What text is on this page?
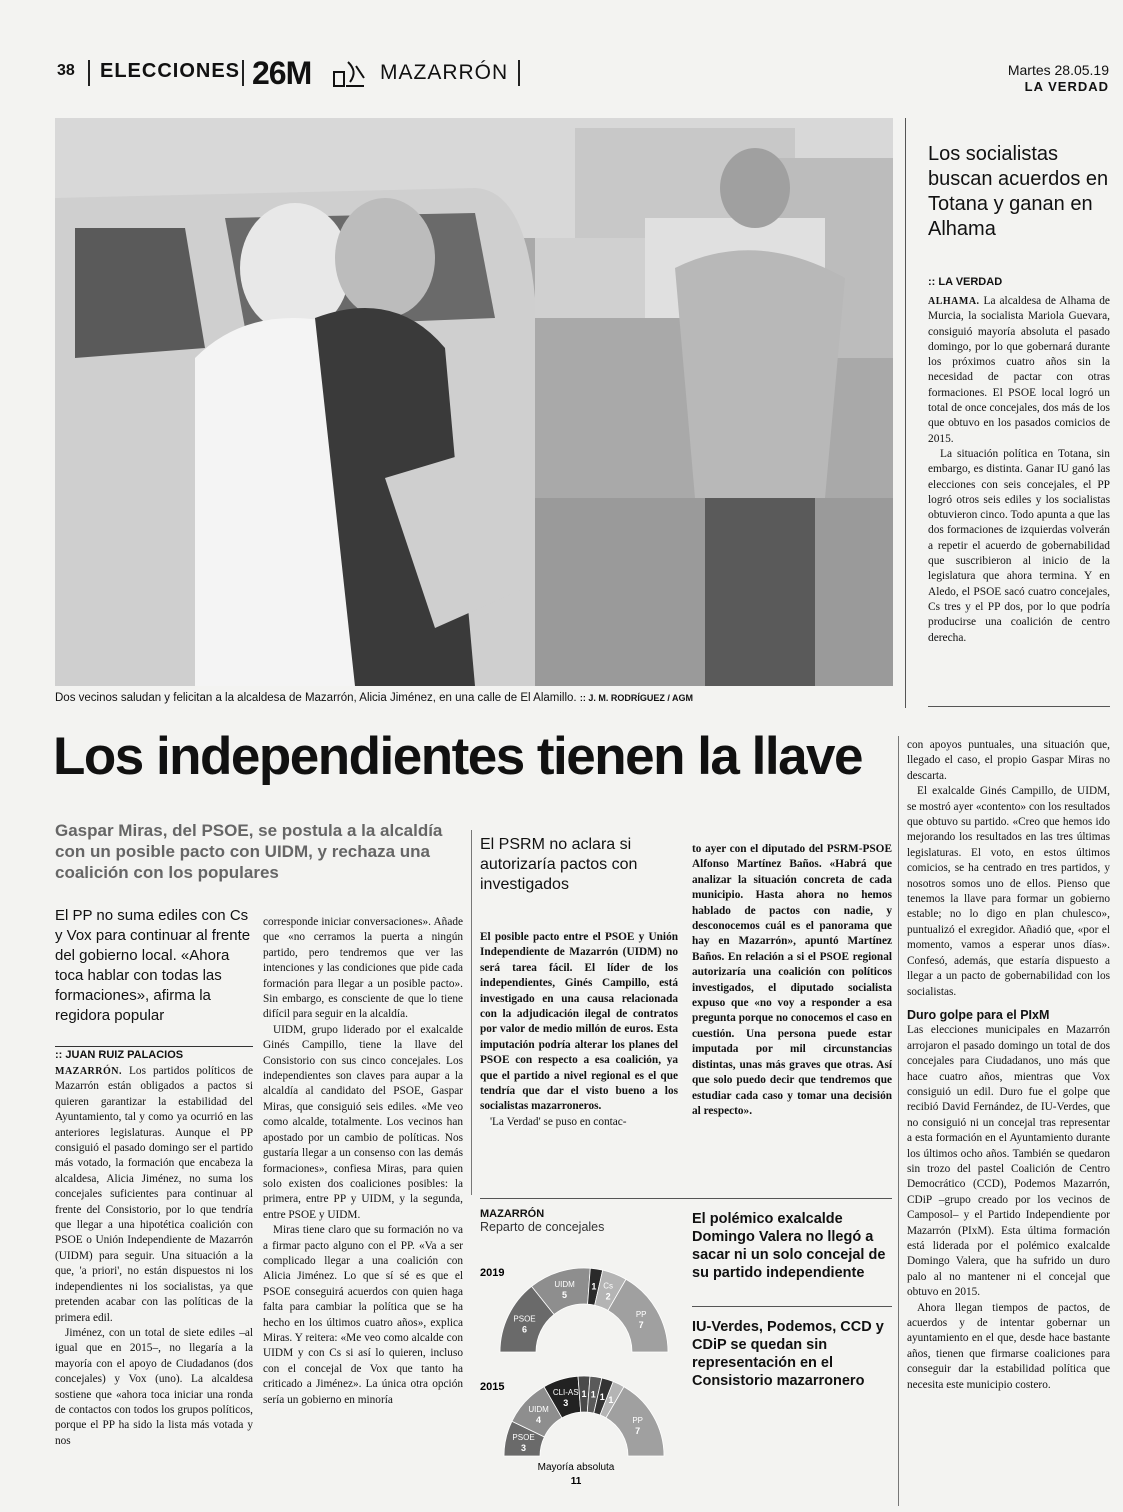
38 ELECCIONES 26M	MAZARRÓN	Martes 28.05.19
LA VERDAD
Dos vecinos saludan y felicitan a la alcaldesa de Mazarrón, Alicia Jiménez, en una calle de El Alamillo. :: J. M. RODRÍGUEZ / AGM
Los socialistas buscan acuerdos en Totana y ganan en Alhama
:: LA VERDAD

ALHAMA. La alcaldesa de Alhama de Murcia, la socialista Mariola Guevara, consiguió mayoría absoluta el pasado domingo, por lo que gobernará durante los próximos cuatro años sin la necesidad de pactar con otras formaciones. El PSOE local logró un total de once concejales, dos más de los que obtuvo en los pasados comicios de 2015.

La situación política en Totana, sin embargo, es distinta. Ganar IU ganó las elecciones con seis concejales, el PP logró otros seis ediles y los socialistas obtuvieron cinco. Todo apunta a que las dos formaciones de izquierdas volverán a repetir el acuerdo de gobernabilidad que suscribieron al inicio de la legislatura que ahora termina. Y en Aledo, el PSOE sacó cuatro concejales, Cs tres y el PP dos, por lo que podría producirse una coalición de centro derecha.

Los independientes tienen la llave
Gaspar Miras, del PSOE, se postula a la alcaldía con un posible pacto con UIDM, y rechaza una coalición con los populares
El PP no suma ediles con Cs y Vox para continuar al frente del gobierno local. «Ahora toca hablar con todas las formaciones», afirma la regidora popular
:: JUAN RUIZ PALACIOS

MAZARRÓN. Los partidos políticos de Mazarrón están obligados a pactos si quieren garantizar la estabilidad del Ayuntamiento, tal y como ya ocurrió en las anteriores legislaturas. Aunque el PP consiguió el pasado domingo ser el partido más votado, la formación que encabeza la alcaldesa, Alicia Jiménez, no suma los concejales suficientes para continuar al frente del Consistorio, por lo que tendría que llegar a una hipotética coalición con PSOE o Unión Independiente de Mazarrón (UIDM) para seguir. Una situación a la que, 'a priori', no están dispuestos ni los independientes ni los socialistas, ya que pretenden acabar con las políticas de la primera edil.

Jiménez, con un total de siete ediles –al igual que en 2015–, no llegaría a la mayoría con el apoyo de Ciudadanos (dos concejales) y Vox (uno). La alcaldesa sostiene que «ahora toca iniciar una ronda de contactos con todos los grupos políticos, porque el PP ha sido la lista más votada y nos

corresponde iniciar conversaciones». Añade que «no cerramos la puerta a ningún partido, pero tendremos que ver las intenciones y las condiciones que pide cada formación para llegar a un posible pacto». Sin embargo, es consciente de que lo tiene difícil para seguir en la alcaldía.

UIDM, grupo liderado por el exalcalde Ginés Campillo, tiene la llave del Consistorio con sus cinco concejales. Los independientes son claves para aupar a la alcaldía al candidato del PSOE, Gaspar Miras, que consiguió seis ediles. «Me veo como alcalde, totalmente. Los vecinos han apostado por un cambio de políticas. Nos gustaría llegar a un consenso con las demás formaciones», confiesa Miras, para quien solo existen dos coaliciones posibles: la primera, entre PP y UIDM, y la segunda, entre PSOE y UIDM.

Miras tiene claro que su formación no va a firmar pacto alguno con el PP. «Va a ser complicado llegar a una coalición con Alicia Jiménez. Lo que sí sé es que el PSOE conseguirá acuerdos con quien haga falta para cambiar la política que se ha hecho en los últimos cuatro años», explica Miras. Y reitera: «Me veo como alcalde con UIDM y con Cs si así lo quieren, incluso con el concejal de Vox que tanto ha criticado a Jiménez». La única otra opción sería un gobierno en minoría

El PSRM no aclara si autorizaría pactos con investigados

El posible pacto entre el PSOE y Unión Independiente de Mazarrón (UIDM) no será tarea fácil. El líder de los independientes, Ginés Campillo, está investigado en una causa relacionada con la adjudicación ilegal de contratos por valor de medio millón de euros. Esta imputación podría alterar los planes del PSOE con respecto a esa coalición, ya que el partido a nivel regional es el que tendría que dar el visto bueno a los socialistas mazarroneros.

'La Verdad' se puso en contac-

to ayer con el diputado del PSRM-PSOE Alfonso Martínez Baños. «Habrá que analizar la situación concreta de cada municipio. Hasta ahora no hemos hablado de pactos con nadie, y desconocemos cuál es el panorama que hay en Mazarrón», apuntó Martínez Baños. En relación a si el PSOE regional autorizaría una coalición con políticos investigados, el diputado socialista expuso que «no voy a responder a esa pregunta porque no conocemos el caso en cuestión. Una persona puede estar imputada por mil circunstancias distintas, unas más graves que otras. Así que solo puedo decir que tendremos que estudiar cada caso y tomar una decisión al respecto».

con apoyos puntuales, una situación que, llegado el caso, el propio Gaspar Miras no descarta.

El exalcalde Ginés Campillo, de UIDM, se mostró ayer «contento» con los resultados que obtuvo su partido. «Creo que hemos ido mejorando los resultados en las tres últimas legislaturas. El voto, en estos últimos comicios, se ha centrado en tres partidos, y nosotros somos uno de ellos. Pienso que tenemos la llave para formar un gobierno estable; no lo digo en plan chulesco», puntualizó el exregidor. Añadió que, «por el momento, vamos a esperar unos días». Confesó, además, que estaría dispuesto a llegar a un pacto de gobernabilidad con los socialistas.

Duro golpe para el PIxM

Las elecciones municipales en Mazarrón arrojaron el pasado domingo un total de dos concejales para Ciudadanos, uno más que hace cuatro años, mientras que Vox consiguió un edil. Duro fue el golpe que recibió David Fernández, de IU-Verdes, que no consiguió ni un concejal tras representar a esta formación en el Ayuntamiento durante los últimos ocho años. También se quedaron sin trozo del pastel Coalición de Centro Democrático (CCD), Podemos Mazarrón, CDiP –grupo creado por los vecinos de Camposol– y el Partido Independiente por Mazarrón (PIxM). Esta última formación está liderada por el polémico exalcalde Domingo Valera, que ha sufrido un duro palo al no mantener ni el concejal que obtuvo en 2015.

Ahora llegan tiempos de pactos, de acuerdos y de intentar gobernar un ayuntamiento en el que, desde hace bastante años, tienen que firmarse coaliciones para conseguir dar la estabilidad política que necesita este municipio costero.

MAZARRÓN
Reparto de concejales
2019
2015
PSOE
6
UIDM
5
1 Cs
2
PP
7
PSOE
3
UIDM
4
CLI-AS
3
1 1 1 1
PP
7
Mayoría absoluta
11
El polémico exalcalde Domingo Valera no llegó a sacar ni un solo concejal de su partido independiente
IU-Verdes, Podemos, CCD y CDiP se quedan sin representación en el Consistorio mazarronero
